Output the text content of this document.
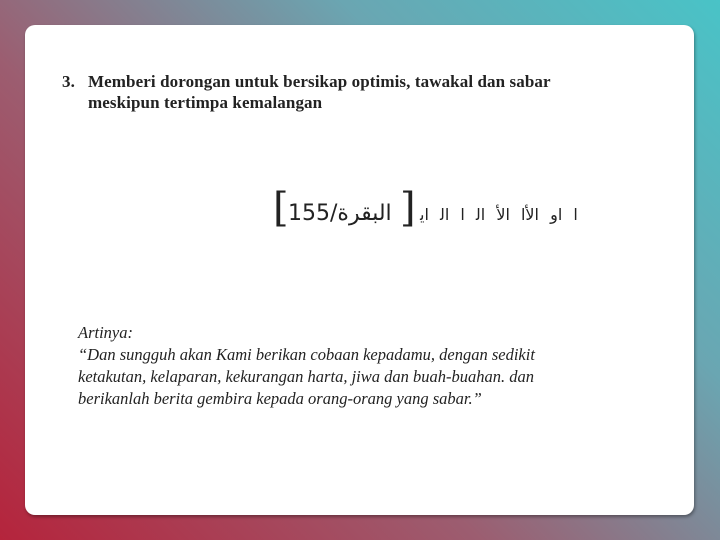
3. Memberi dorongan untuk bersikap optimis, tawakal dan sabar
meskipun tertimpa kemalangan
[ البقرة/155 ] ﺍ ﺍﻭ ﺍﻷﺍ ﺍﻷ ﺍﻟ ﺍ ﺍﻟ ﺍﻳ
Artinya:
“Dan sungguh akan Kami berikan cobaan kepadamu, dengan sedikit
ketakutan, kelaparan, kekurangan harta, jiwa dan buah-buahan. dan
berikanlah berita gembira kepada orang-orang yang sabar.”
